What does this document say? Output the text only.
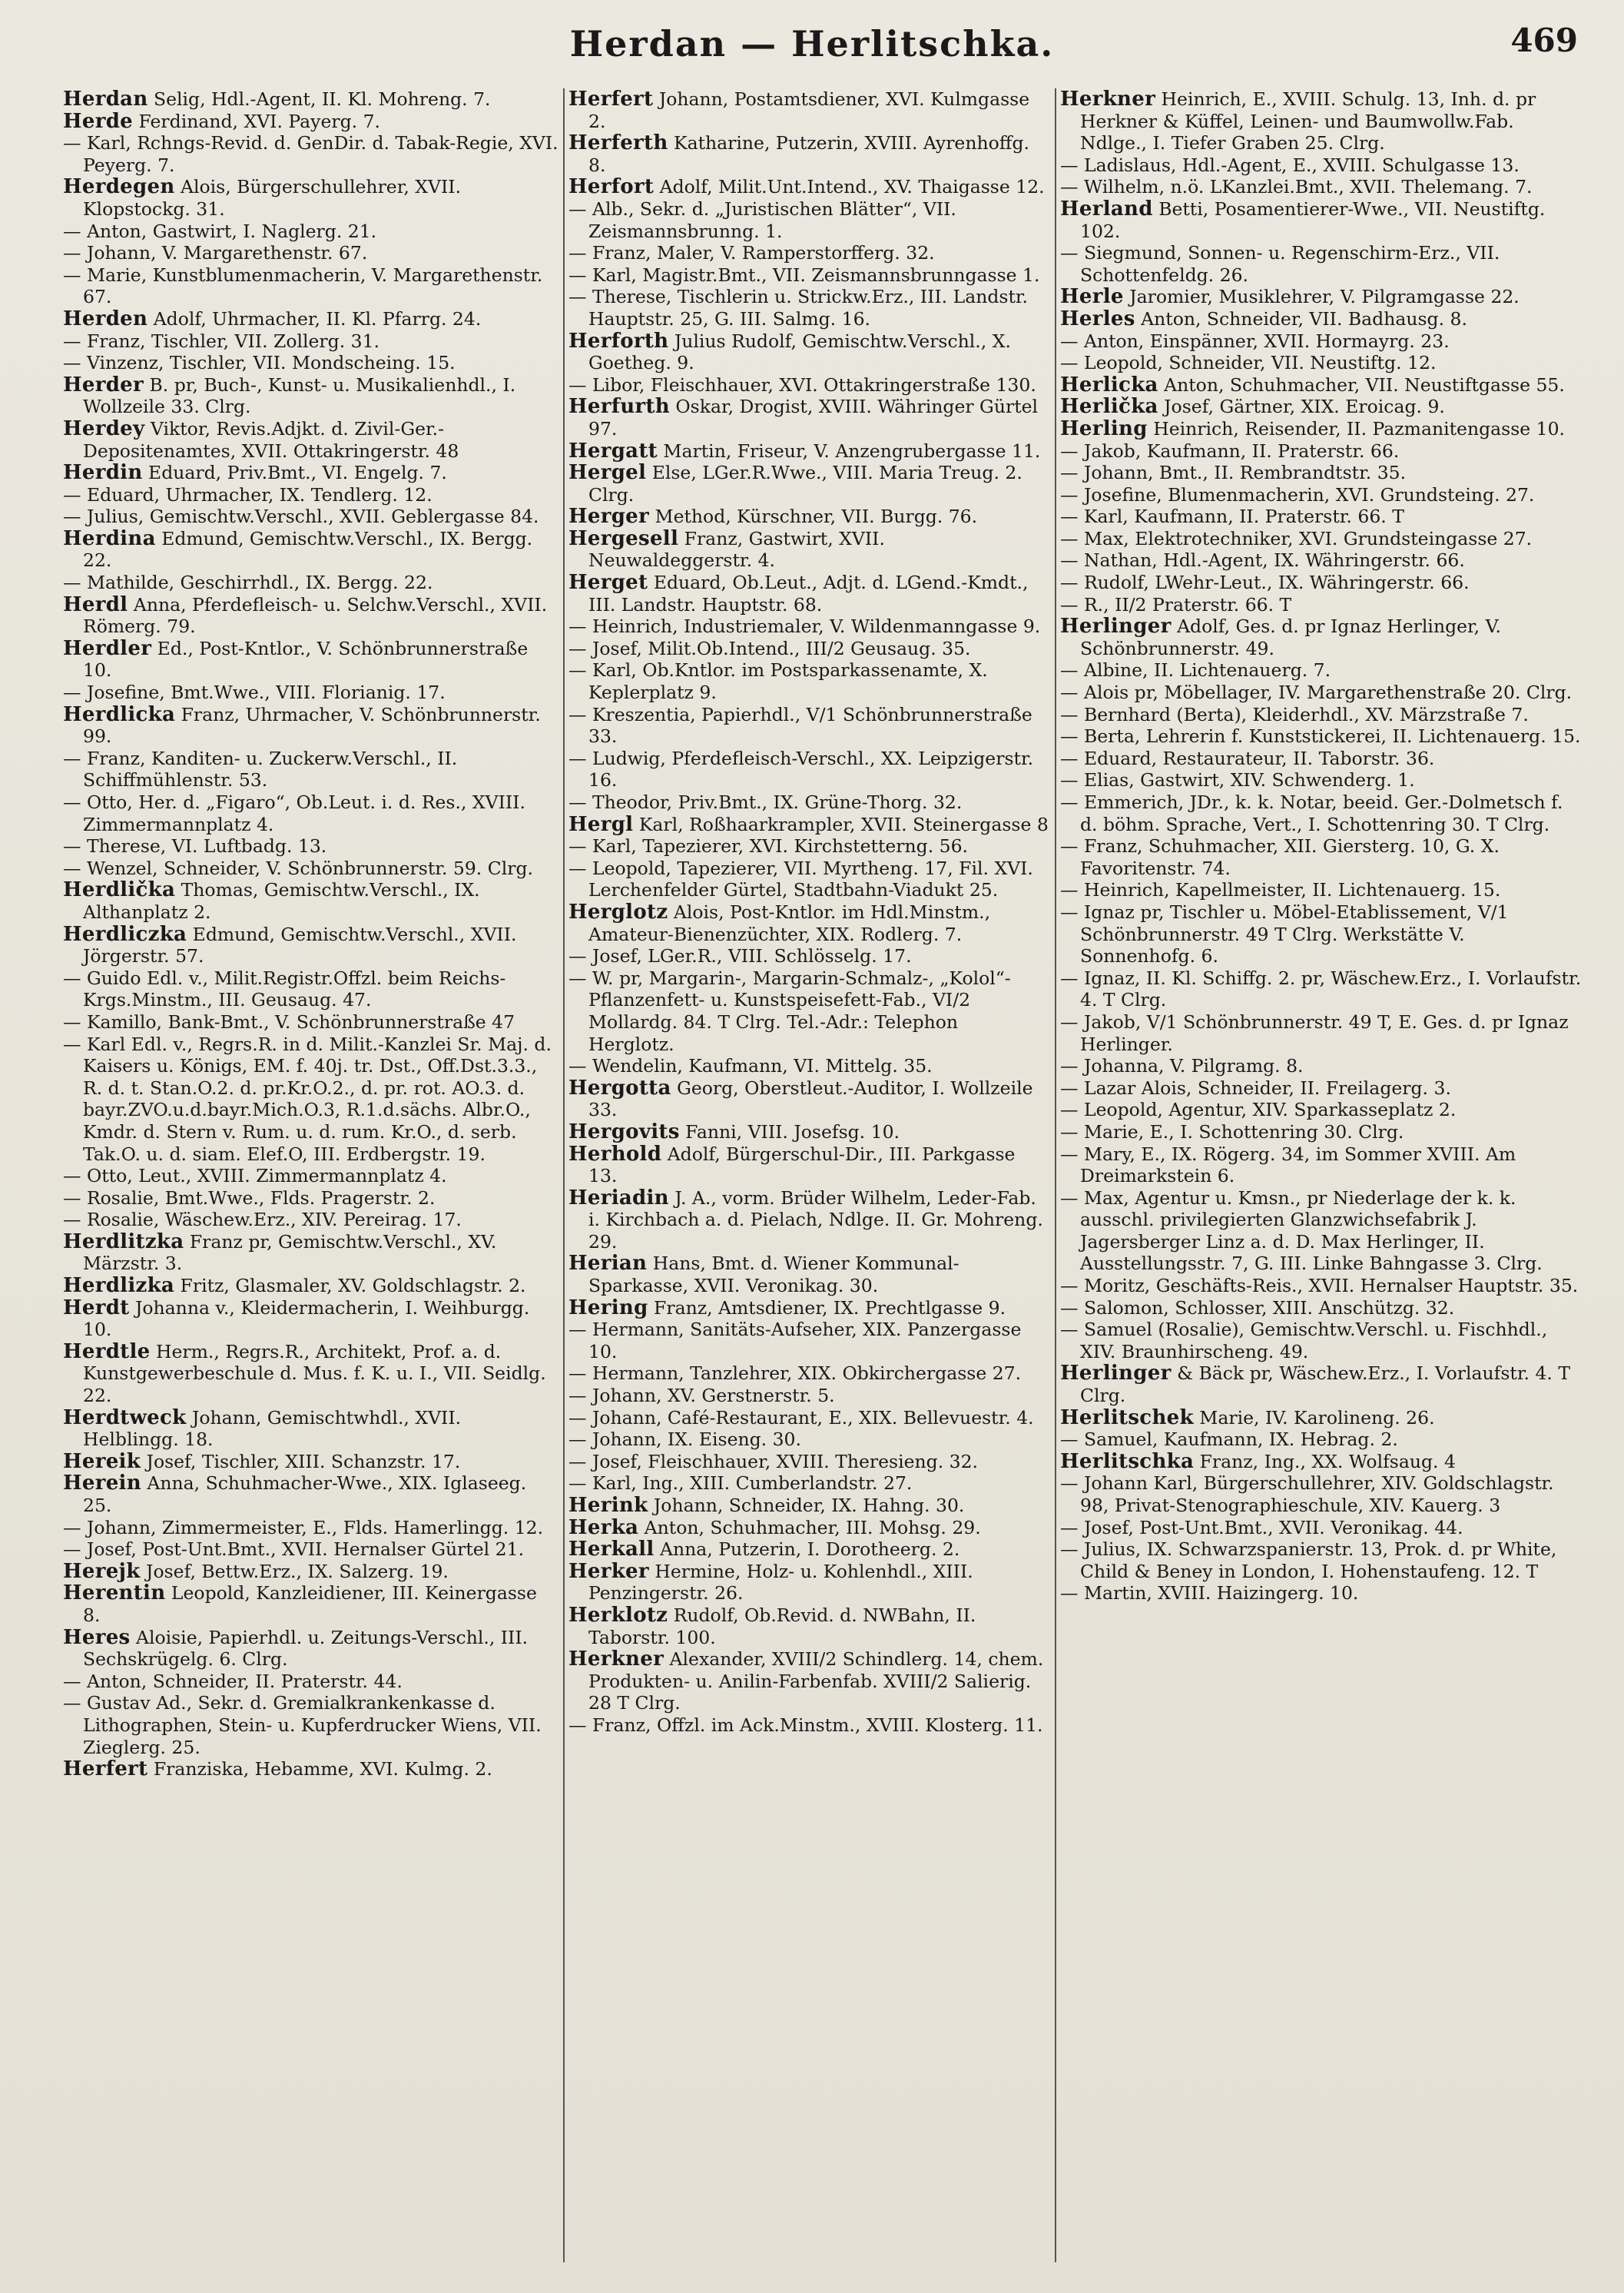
Herdan — Herlitschka.	469
Herdan Selig, Hdl.-Agent, II. Kl. Mohreng. 7.
Herde Ferdinand, XVI. Payerg. 7.
— Karl, Rchngs-Revid. d. GenDir. d. Tabak-Regie, XVI. Peyerg. 7.
Herdegen Alois, Bürgerschullehrer, XVII. Klopstockg. 31.
— Anton, Gastwirt, I. Naglerg. 21.
— Johann, V. Margarethenstr. 67.
— Marie, Kunstblumenmacherin, V. Margarethenstr. 67.
Herden Adolf, Uhrmacher, II. Kl. Pfarrg. 24.
— Franz, Tischler, VII. Zollerg. 31.
— Vinzenz, Tischler, VII. Mondscheing. 15.
Herder B. pr, Buch-, Kunst- u. Musikalienhdl., I. Wollzeile 33. Clrg.
Herdey Viktor, Revis.Adjkt. d. Zivil-Ger.-Depositenamtes, XVII. Ottakringerstr. 48
Herdin Eduard, Priv.Bmt., VI. Engelg. 7.
— Eduard, Uhrmacher, IX. Tendlerg. 12.
— Julius, Gemischtw.Verschl., XVII. Geblergasse 84.
Herdina Edmund, Gemischtw.Verschl., IX. Bergg. 22.
— Mathilde, Geschirrhdl., IX. Bergg. 22.
Herdl Anna, Pferdefleisch- u. Selchw.Verschl., XVII. Römerg. 79.
Herdler Ed., Post-Kntlor., V. Schönbrunnerstraße 10.
— Josefine, Bmt.Wwe., VIII. Florianig. 17.
Herdlicka Franz, Uhrmacher, V. Schönbrunnerstr. 99.
— Franz, Kanditen- u. Zuckerw.Verschl., II. Schiffmühlenstr. 53.
— Otto, Her. d. „Figaro“, Ob.Leut. i. d. Res., XVIII. Zimmermannplatz 4.
— Therese, VI. Luftbadg. 13.
— Wenzel, Schneider, V. Schönbrunnerstr. 59. Clrg.
Herdlička Thomas, Gemischtw.Verschl., IX. Althanplatz 2.
Herdliczka Edmund, Gemischtw.Verschl., XVII. Jörgerstr. 57.
— Guido Edl. v., Milit.Registr.Offzl. beim Reichs-Krgs.Minstm., III. Geusaug. 47.
— Kamillo, Bank-Bmt., V. Schönbrunnerstraße 47
— Karl Edl. v., Regrs.R. in d. Milit.-Kanzlei Sr. Maj. d. Kaisers u. Königs, EM. f. 40j. tr. Dst., Off.Dst.3.3., R. d. t. Stan.O.2. d. pr.Kr.O.2., d. pr. rot. AO.3. d. bayr.ZVO.u.d.bayr.Mich.O.3, R.1.d.sächs. Albr.O., Kmdr. d. Stern v. Rum. u. d. rum. Kr.O., d. serb. Tak.O. u. d. siam. Elef.O, III. Erdbergstr. 19.
— Otto, Leut., XVIII. Zimmermannplatz 4.
— Rosalie, Bmt.Wwe., Flds. Pragerstr. 2.
— Rosalie, Wäschew.Erz., XIV. Pereirag. 17.
Herdlitzka Franz pr, Gemischtw.Verschl., XV. Märzstr. 3.
Herdlizka Fritz, Glasmaler, XV. Goldschlagstr. 2.
Herdt Johanna v., Kleidermacherin, I. Weihburgg. 10.
Herdtle Herm., Regrs.R., Architekt, Prof. a. d. Kunstgewerbeschule d. Mus. f. K. u. I., VII. Seidlg. 22.
Herdtweck Johann, Gemischtwhdl., XVII. Helblingg. 18.
Hereik Josef, Tischler, XIII. Schanzstr. 17.
Herein Anna, Schuhmacher-Wwe., XIX. Iglaseeg. 25.
— Johann, Zimmermeister, E., Flds. Hamerlingg. 12.
— Josef, Post-Unt.Bmt., XVII. Hernalser Gürtel 21.
Herejk Josef, Bettw.Erz., IX. Salzerg. 19.
Herentin Leopold, Kanzleidiener, III. Keinergasse 8.
Heres Aloisie, Papierhdl. u. Zeitungs-Verschl., III. Sechskrügelg. 6. Clrg.
— Anton, Schneider, II. Praterstr. 44.
— Gustav Ad., Sekr. d. Gremialkrankenkasse d. Lithographen, Stein- u. Kupferdrucker Wiens, VII. Zieglerg. 25.
Herfert Franziska, Hebamme, XVI. Kulmg. 2.
Herfert Johann, Postamtsdiener, XVI. Kulmgasse 2.
Herferth Katharine, Putzerin, XVIII. Ayrenhoffg. 8.
Herfort Adolf, Milit.Unt.Intend., XV. Thaigasse 12.
— Alb., Sekr. d. „Juristischen Blätter“, VII. Zeismannsbrunng. 1.
— Franz, Maler, V. Ramperstorfferg. 32.
— Karl, Magistr.Bmt., VII. Zeismannsbrunngasse 1.
— Therese, Tischlerin u. Strickw.Erz., III. Landstr. Hauptstr. 25, G. III. Salmg. 16.
Herforth Julius Rudolf, Gemischtw.Verschl., X. Goetheg. 9.
— Libor, Fleischhauer, XVI. Ottakringerstraße 130.
Herfurth Oskar, Drogist, XVIII. Währinger Gürtel 97.
Hergatt Martin, Friseur, V. Anzengrubergasse 11.
Hergel Else, LGer.R.Wwe., VIII. Maria Treug. 2. Clrg.
Herger Method, Kürschner, VII. Burgg. 76.
Hergesell Franz, Gastwirt, XVII. Neuwaldeggerstr. 4.
Herget Eduard, Ob.Leut., Adjt. d. LGend.-Kmdt., III. Landstr. Hauptstr. 68.
— Heinrich, Industriemaler, V. Wildenmanngasse 9.
— Josef, Milit.Ob.Intend., III/2 Geusaug. 35.
— Karl, Ob.Kntlor. im Postsparkassenamte, X. Keplerplatz 9.
— Kreszentia, Papierhdl., V/1 Schönbrunnerstraße 33.
— Ludwig, Pferdefleisch-Verschl., XX. Leipzigerstr. 16.
— Theodor, Priv.Bmt., IX. Grüne-Thorg. 32.
Hergl Karl, Roßhaarkrampler, XVII. Steinergasse 8
— Karl, Tapezierer, XVI. Kirchstetterng. 56.
— Leopold, Tapezierer, VII. Myrtheng. 17, Fil. XVI. Lerchenfelder Gürtel, Stadtbahn-Viadukt 25.
Herglotz Alois, Post-Kntlor. im Hdl.Minstm., Amateur-Bienenzüchter, XIX. Rodlerg. 7.
— Josef, LGer.R., VIII. Schlösselg. 17.
— W. pr, Margarin-, Margarin-Schmalz-, „Kolol“-Pflanzenfett- u. Kunstspeisefett-Fab., VI/2 Mollardg. 84. T Clrg. Tel.-Adr.: Telephon Herglotz.
— Wendelin, Kaufmann, VI. Mittelg. 35.
Hergotta Georg, Oberstleut.-Auditor, I. Wollzeile 33.
Hergovits Fanni, VIII. Josefsg. 10.
Herhold Adolf, Bürgerschul-Dir., III. Parkgasse 13.
Heriadin J. A., vorm. Brüder Wilhelm, Leder-Fab. i. Kirchbach a. d. Pielach, Ndlge. II. Gr. Mohreng. 29.
Herian Hans, Bmt. d. Wiener Kommunal-Sparkasse, XVII. Veronikag. 30.
Hering Franz, Amtsdiener, IX. Prechtlgasse 9.
— Hermann, Sanitäts-Aufseher, XIX. Panzergasse 10.
— Hermann, Tanzlehrer, XIX. Obkirchergasse 27.
— Johann, XV. Gerstnerstr. 5.
— Johann, Café-Restaurant, E., XIX. Bellevuestr. 4.
— Johann, IX. Eiseng. 30.
— Josef, Fleischhauer, XVIII. Theresieng. 32.
— Karl, Ing., XIII. Cumberlandstr. 27.
Herink Johann, Schneider, IX. Hahng. 30.
Herka Anton, Schuhmacher, III. Mohsg. 29.
Herkall Anna, Putzerin, I. Dorotheerg. 2.
Herker Hermine, Holz- u. Kohlenhdl., XIII. Penzingerstr. 26.
Herklotz Rudolf, Ob.Revid. d. NWBahn, II. Taborstr. 100.
Herkner Alexander, XVIII/2 Schindlerg. 14, chem. Produkten- u. Anilin-Farbenfab. XVIII/2 Salierig. 28 T Clrg.
— Franz, Offzl. im Ack.Minstm., XVIII. Klosterg. 11.
Herkner Heinrich, E., XVIII. Schulg. 13, Inh. d. pr Herkner & Küffel, Leinen- und Baumwollw.Fab. Ndlge., I. Tiefer Graben 25. Clrg.
— Ladislaus, Hdl.-Agent, E., XVIII. Schulgasse 13.
— Wilhelm, n.ö. LKanzlei.Bmt., XVII. Thelemang. 7.
Herland Betti, Posamentierer-Wwe., VII. Neustiftg. 102.
— Siegmund, Sonnen- u. Regenschirm-Erz., VII. Schottenfeldg. 26.
Herle Jaromier, Musiklehrer, V. Pilgramgasse 22.
Herles Anton, Schneider, VII. Badhausg. 8.
— Anton, Einspänner, XVII. Hormayrg. 23.
— Leopold, Schneider, VII. Neustiftg. 12.
Herlicka Anton, Schuhmacher, VII. Neustiftgasse 55.
Herlička Josef, Gärtner, XIX. Eroicag. 9.
Herling Heinrich, Reisender, II. Pazmanitengasse 10.
— Jakob, Kaufmann, II. Praterstr. 66.
— Johann, Bmt., II. Rembrandtstr. 35.
— Josefine, Blumenmacherin, XVI. Grundsteing. 27.
— Karl, Kaufmann, II. Praterstr. 66. T
— Max, Elektrotechniker, XVI. Grundsteingasse 27.
— Nathan, Hdl.-Agent, IX. Währingerstr. 66.
— Rudolf, LWehr-Leut., IX. Währingerstr. 66.
— R., II/2 Praterstr. 66. T
Herlinger Adolf, Ges. d. pr Ignaz Herlinger, V. Schönbrunnerstr. 49.
— Albine, II. Lichtenauerg. 7.
— Alois pr, Möbellager, IV. Margarethenstraße 20. Clrg.
— Bernhard (Berta), Kleiderhdl., XV. Märzstraße 7.
— Berta, Lehrerin f. Kunststickerei, II. Lichtenauerg. 15.
— Eduard, Restaurateur, II. Taborstr. 36.
— Elias, Gastwirt, XIV. Schwenderg. 1.
— Emmerich, JDr., k. k. Notar, beeid. Ger.-Dolmetsch f. d. böhm. Sprache, Vert., I. Schottenring 30. T Clrg.
— Franz, Schuhmacher, XII. Giersterg. 10, G. X. Favoritenstr. 74.
— Heinrich, Kapellmeister, II. Lichtenauerg. 15.
— Ignaz pr, Tischler u. Möbel-Etablissement, V/1 Schönbrunnerstr. 49 T Clrg. Werkstätte V. Sonnenhofg. 6.
— Ignaz, II. Kl. Schiffg. 2. pr, Wäschew.Erz., I. Vorlaufstr. 4. T Clrg.
— Jakob, V/1 Schönbrunnerstr. 49 T, E. Ges. d. pr Ignaz Herlinger.
— Johanna, V. Pilgramg. 8.
— Lazar Alois, Schneider, II. Freilagerg. 3.
— Leopold, Agentur, XIV. Sparkasseplatz 2.
— Marie, E., I. Schottenring 30. Clrg.
— Mary, E., IX. Rögerg. 34, im Sommer XVIII. Am Dreimarkstein 6.
— Max, Agentur u. Kmsn., pr Niederlage der k. k. ausschl. privilegierten Glanzwichsefabrik J. Jagersberger Linz a. d. D. Max Herlinger, II. Ausstellungsstr. 7, G. III. Linke Bahngasse 3. Clrg.
— Moritz, Geschäfts-Reis., XVII. Hernalser Hauptstr. 35.
— Salomon, Schlosser, XIII. Anschützg. 32.
— Samuel (Rosalie), Gemischtw.Verschl. u. Fischhdl., XIV. Braunhirscheng. 49.
Herlinger & Bäck pr, Wäschew.Erz., I. Vorlaufstr. 4. T Clrg.
Herlitschek Marie, IV. Karolineng. 26.
— Samuel, Kaufmann, IX. Hebrag. 2.
Herlitschka Franz, Ing., XX. Wolfsaug. 4
— Johann Karl, Bürgerschullehrer, XIV. Goldschlagstr. 98, Privat-Stenographieschule, XIV. Kauerg. 3
— Josef, Post-Unt.Bmt., XVII. Veronikag. 44.
— Julius, IX. Schwarzspanierstr. 13, Prok. d. pr White, Child & Beney in London, I. Hohenstaufeng. 12. T
— Martin, XVIII. Haizingerg. 10.
